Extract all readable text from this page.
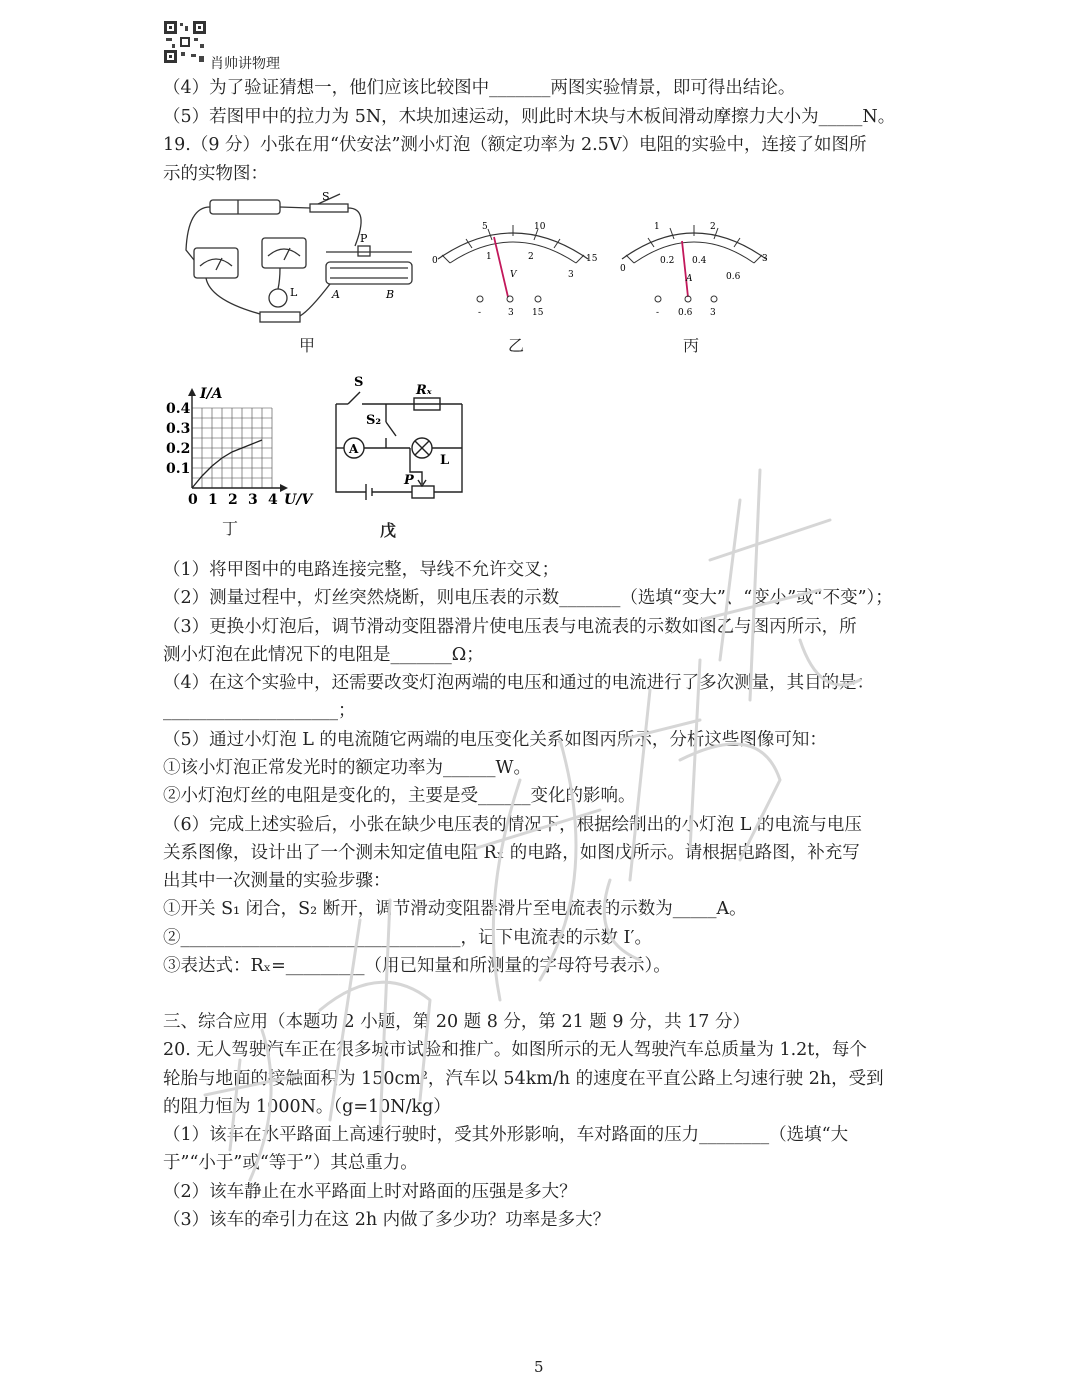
肖帅讲物理
（4）为了验证猜想一，他们应该比较图中_______两图实验情景，即可得出结论。
（5）若图甲中的拉力为 5N，木块加速运动，则此时木块与木板间滑动摩擦力大小为_____N。
19.（9 分）小张在用“伏安法”测小灯泡（额定功率为 2.5V）电阻的实验中，连接了如图所
示的实物图：
S
P
A	B
L
甲
5	10
0	1	2
3
15
V
-	3 15
乙
1	2
0
0.2 0.4
0.6
3
A
- 0.6 3
丙
I/A
U/V
0.4
0.3
0.2
0.1
0 1 2 3 4
丁
S
S₂
Rₓ
A
L
P
戊
（1）将甲图中的电路连接完整，导线不允许交叉；
（2）测量过程中，灯丝突然烧断，则电压表的示数_______（选填“变大”、“变小”或“不变”）；
（3）更换小灯泡后，调节滑动变阻器滑片使电压表与电流表的示数如图乙与图丙所示，所
测小灯泡在此情况下的电阻是_______Ω；
（4）在这个实验中，还需要改变灯泡两端的电压和通过的电流进行了多次测量，其目的是：
____________________；
（5）通过小灯泡 L 的电流随它两端的电压变化关系如图丙所示，分析这些图像可知：
①该小灯泡正常发光时的额定功率为______W。
②小灯泡灯丝的电阻是变化的，主要是受______变化的影响。
（6）完成上述实验后，小张在缺少电压表的情况下，根据绘制出的小灯泡 L 的电流与电压
关系图像，设计出了一个测未知定值电阻 Rₓ 的电路，如图戊所示。请根据电路图，补充写
出其中一次测量的实验步骤：
①开关 S₁ 闭合，S₂ 断开，调节滑动变阻器滑片至电流表的示数为_____A。
②________________________________，记下电流表的示数 I′。
③表达式：Rₓ=_________（用已知量和所测量的字母符号表示）。
三、综合应用（本题功 2 小题，第 20 题 8 分，第 21 题 9 分，共 17 分）
20. 无人驾驶汽车正在很多城市试验和推广。如图所示的无人驾驶汽车总质量为 1.2t，每个
轮胎与地面的接触面积为 150cm²，汽车以 54km/h 的速度在平直公路上匀速行驶 2h，受到
的阻力恒为 1000N。（g=10N/kg）
（1）该车在水平路面上高速行驶时，受其外形影响，车对路面的压力________（选填“大
于”“小于”或“等于”）其总重力。
（2）该车静止在水平路面上时对路面的压强是多大？
（3）该车的牵引力在这 2h 内做了多少功？功率是多大？
5
